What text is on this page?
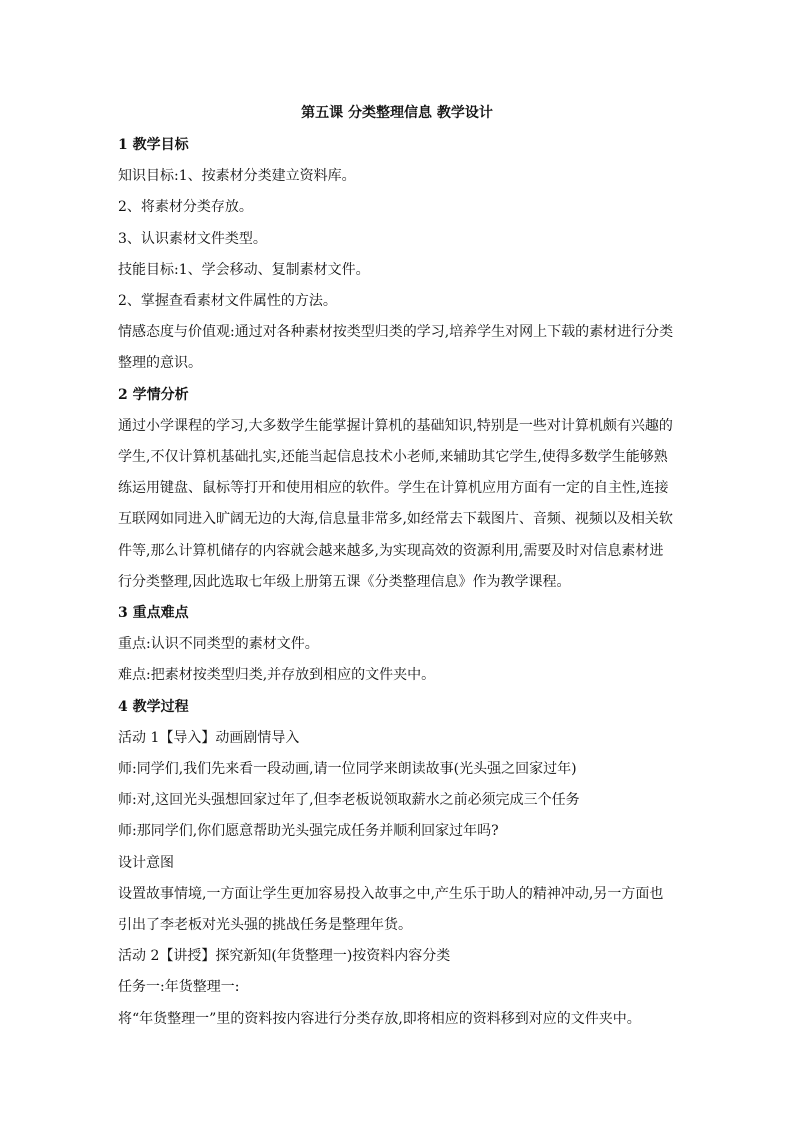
第五课 分类整理信息 教学设计

1 教学目标

知识目标:1、按素材分类建立资料库。

2、将素材分类存放。

3、认识素材文件类型。

技能目标:1、学会移动、复制素材文件。

2、掌握查看素材文件属性的方法。

情感态度与价值观:通过对各种素材按类型归类的学习,培养学生对网上下载的素材进行分类

整理的意识。

2 学情分析

通过小学课程的学习,大多数学生能掌握计算机的基础知识,特别是一些对计算机颇有兴趣的

学生,不仅计算机基础扎实,还能当起信息技术小老师,来辅助其它学生,使得多数学生能够熟

练运用键盘、鼠标等打开和使用相应的软件。学生在计算机应用方面有一定的自主性,连接

互联网如同进入旷阔无边的大海,信息量非常多,如经常去下载图片、音频、视频以及相关软

件等,那么计算机储存的内容就会越来越多,为实现高效的资源利用,需要及时对信息素材进

行分类整理,因此选取七年级上册第五课《分类整理信息》作为教学课程。

3 重点难点

重点:认识不同类型的素材文件。

难点:把素材按类型归类,并存放到相应的文件夹中。

4 教学过程

活动 1【导入】动画剧情导入

师:同学们,我们先来看一段动画,请一位同学来朗读故事(光头强之回家过年)

师:对,这回光头强想回家过年了,但李老板说领取薪水之前必须完成三个任务

师:那同学们,你们愿意帮助光头强完成任务并顺利回家过年吗?

设计意图

设置故事情境,一方面让学生更加容易投入故事之中,产生乐于助人的精神冲动,另一方面也

引出了李老板对光头强的挑战任务是整理年货。

活动 2【讲授】探究新知(年货整理一)按资料内容分类

任务一:年货整理一:

将“年货整理一”里的资料按内容进行分类存放,即将相应的资料移到对应的文件夹中。
